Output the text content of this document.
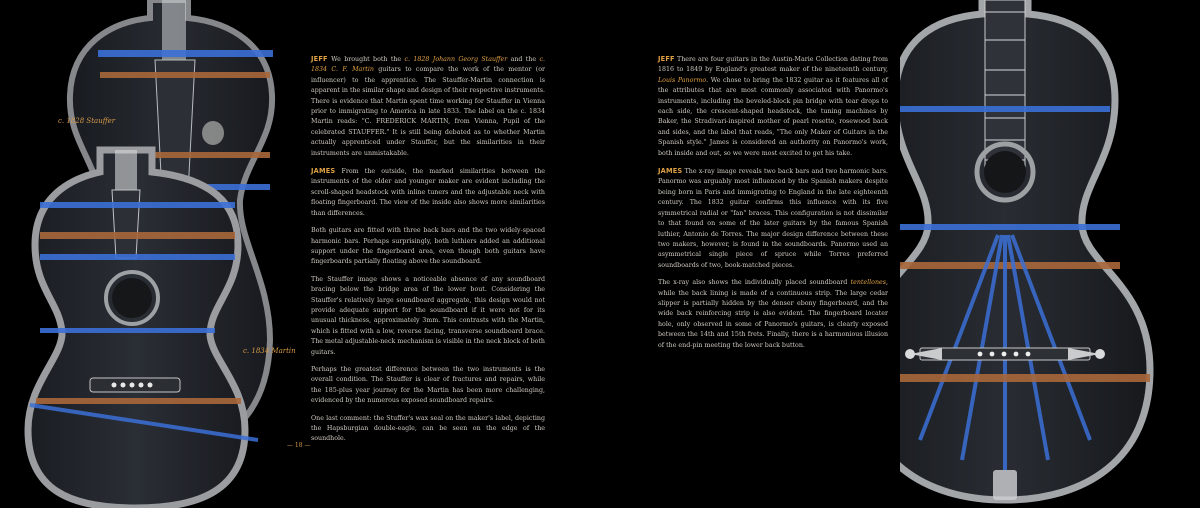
c. 1828 Stauffer
c. 1834 Martin

JEFF We brought both the c. 1828 Johann Georg Stauffer and the c. 1834 C. F. Martin guitars to compare the work of the mentor (or influencer) to the apprentice. The Stauffer-Martin connection is apparent in the similar shape and design of their respective instruments. There is evidence that Martin spent time working for Stauffer in Vienna prior to immigrating to America in late 1833. The label on the c. 1834 Martin reads: "C. FREDERICK MARTIN, from Vienna, Pupil of the celebrated STAUFFER." It is still being debated as to whether Martin actually apprenticed under Stauffer, but the similarities in their instruments are unmistakable.

JAMES From the outside, the marked similarities between the instruments of the older and younger maker are evident including the scroll-shaped headstock with inline tuners and the adjustable neck with floating fingerboard. The view of the inside also shows more similarities than differences.

Both guitars are fitted with three back bars and the two widely-spaced harmonic bars. Perhaps surprisingly, both luthiers added an additional support under the fingerboard area, even though both guitars have fingerboards partially floating above the soundboard.

The Stauffer image shows a noticeable absence of any soundboard bracing below the bridge area of the lower bout. Considering the Stauffer's relatively large soundboard aggregate, this design would not provide adequate support for the soundboard if it were not for its unusual thickness, approximately 3mm. This contrasts with the Martin, which is fitted with a low, reverse facing, transverse soundboard brace. The metal adjustable-neck mechanism is visible in the neck block of both guitars.

Perhaps the greatest difference between the two instruments is the overall condition. The Stauffer is clear of fractures and repairs, while the 185-plus year journey for the Martin has been more challenging, evidenced by the numerous exposed soundboard repairs.

One last comment: the Stuffer's wax seal on the maker's label, depicting the Hapsburgian double-eagle, can be seen on the edge of the soundhole.

— 18 —

JEFF There are four guitars in the Austin-Marie Collection dating from 1816 to 1849 by England's greatest maker of the nineteenth century, Louis Panormo. We chose to bring the 1832 guitar as it features all of the attributes that are most commonly associated with Panormo's instruments, including the beveled-block pin bridge with tear drops to each side, the crescent-shaped headstock, the tuning machines by Baker, the Stradivari-inspired mother of pearl rosette, rosewood back and sides, and the label that reads, "The only Maker of Guitars in the Spanish style." James is considered an authority on Panormo's work, both inside and out, so we were most excited to get his take.

JAMES The x-ray image reveals two back bars and two harmonic bars. Panormo was arguably most influenced by the Spanish makers despite being born in Paris and immigrating to England in the late eighteenth century. The 1832 guitar confirms this influence with its five symmetrical radial or "fan" braces. This configuration is not dissimilar to that found on some of the later guitars by the famous Spanish luthier, Antonio de Torres. The major design difference between these two makers, however, is found in the soundboards. Panormo used an asymmetrical single piece of spruce while Torres preferred soundboards of two, book-matched pieces.

The x-ray also shows the individually placed soundboard tentellones, while the back lining is made of a continuous strip. The large cedar slipper is partially hidden by the denser ebony fingerboard, and the wide back reinforcing strip is also evident. The fingerboard locater hole, only observed in some of Panormo's guitars, is clearly exposed between the 14th and 15th frets. Finally, there is a harmonious illusion of the end-pin meeting the lower back button.
